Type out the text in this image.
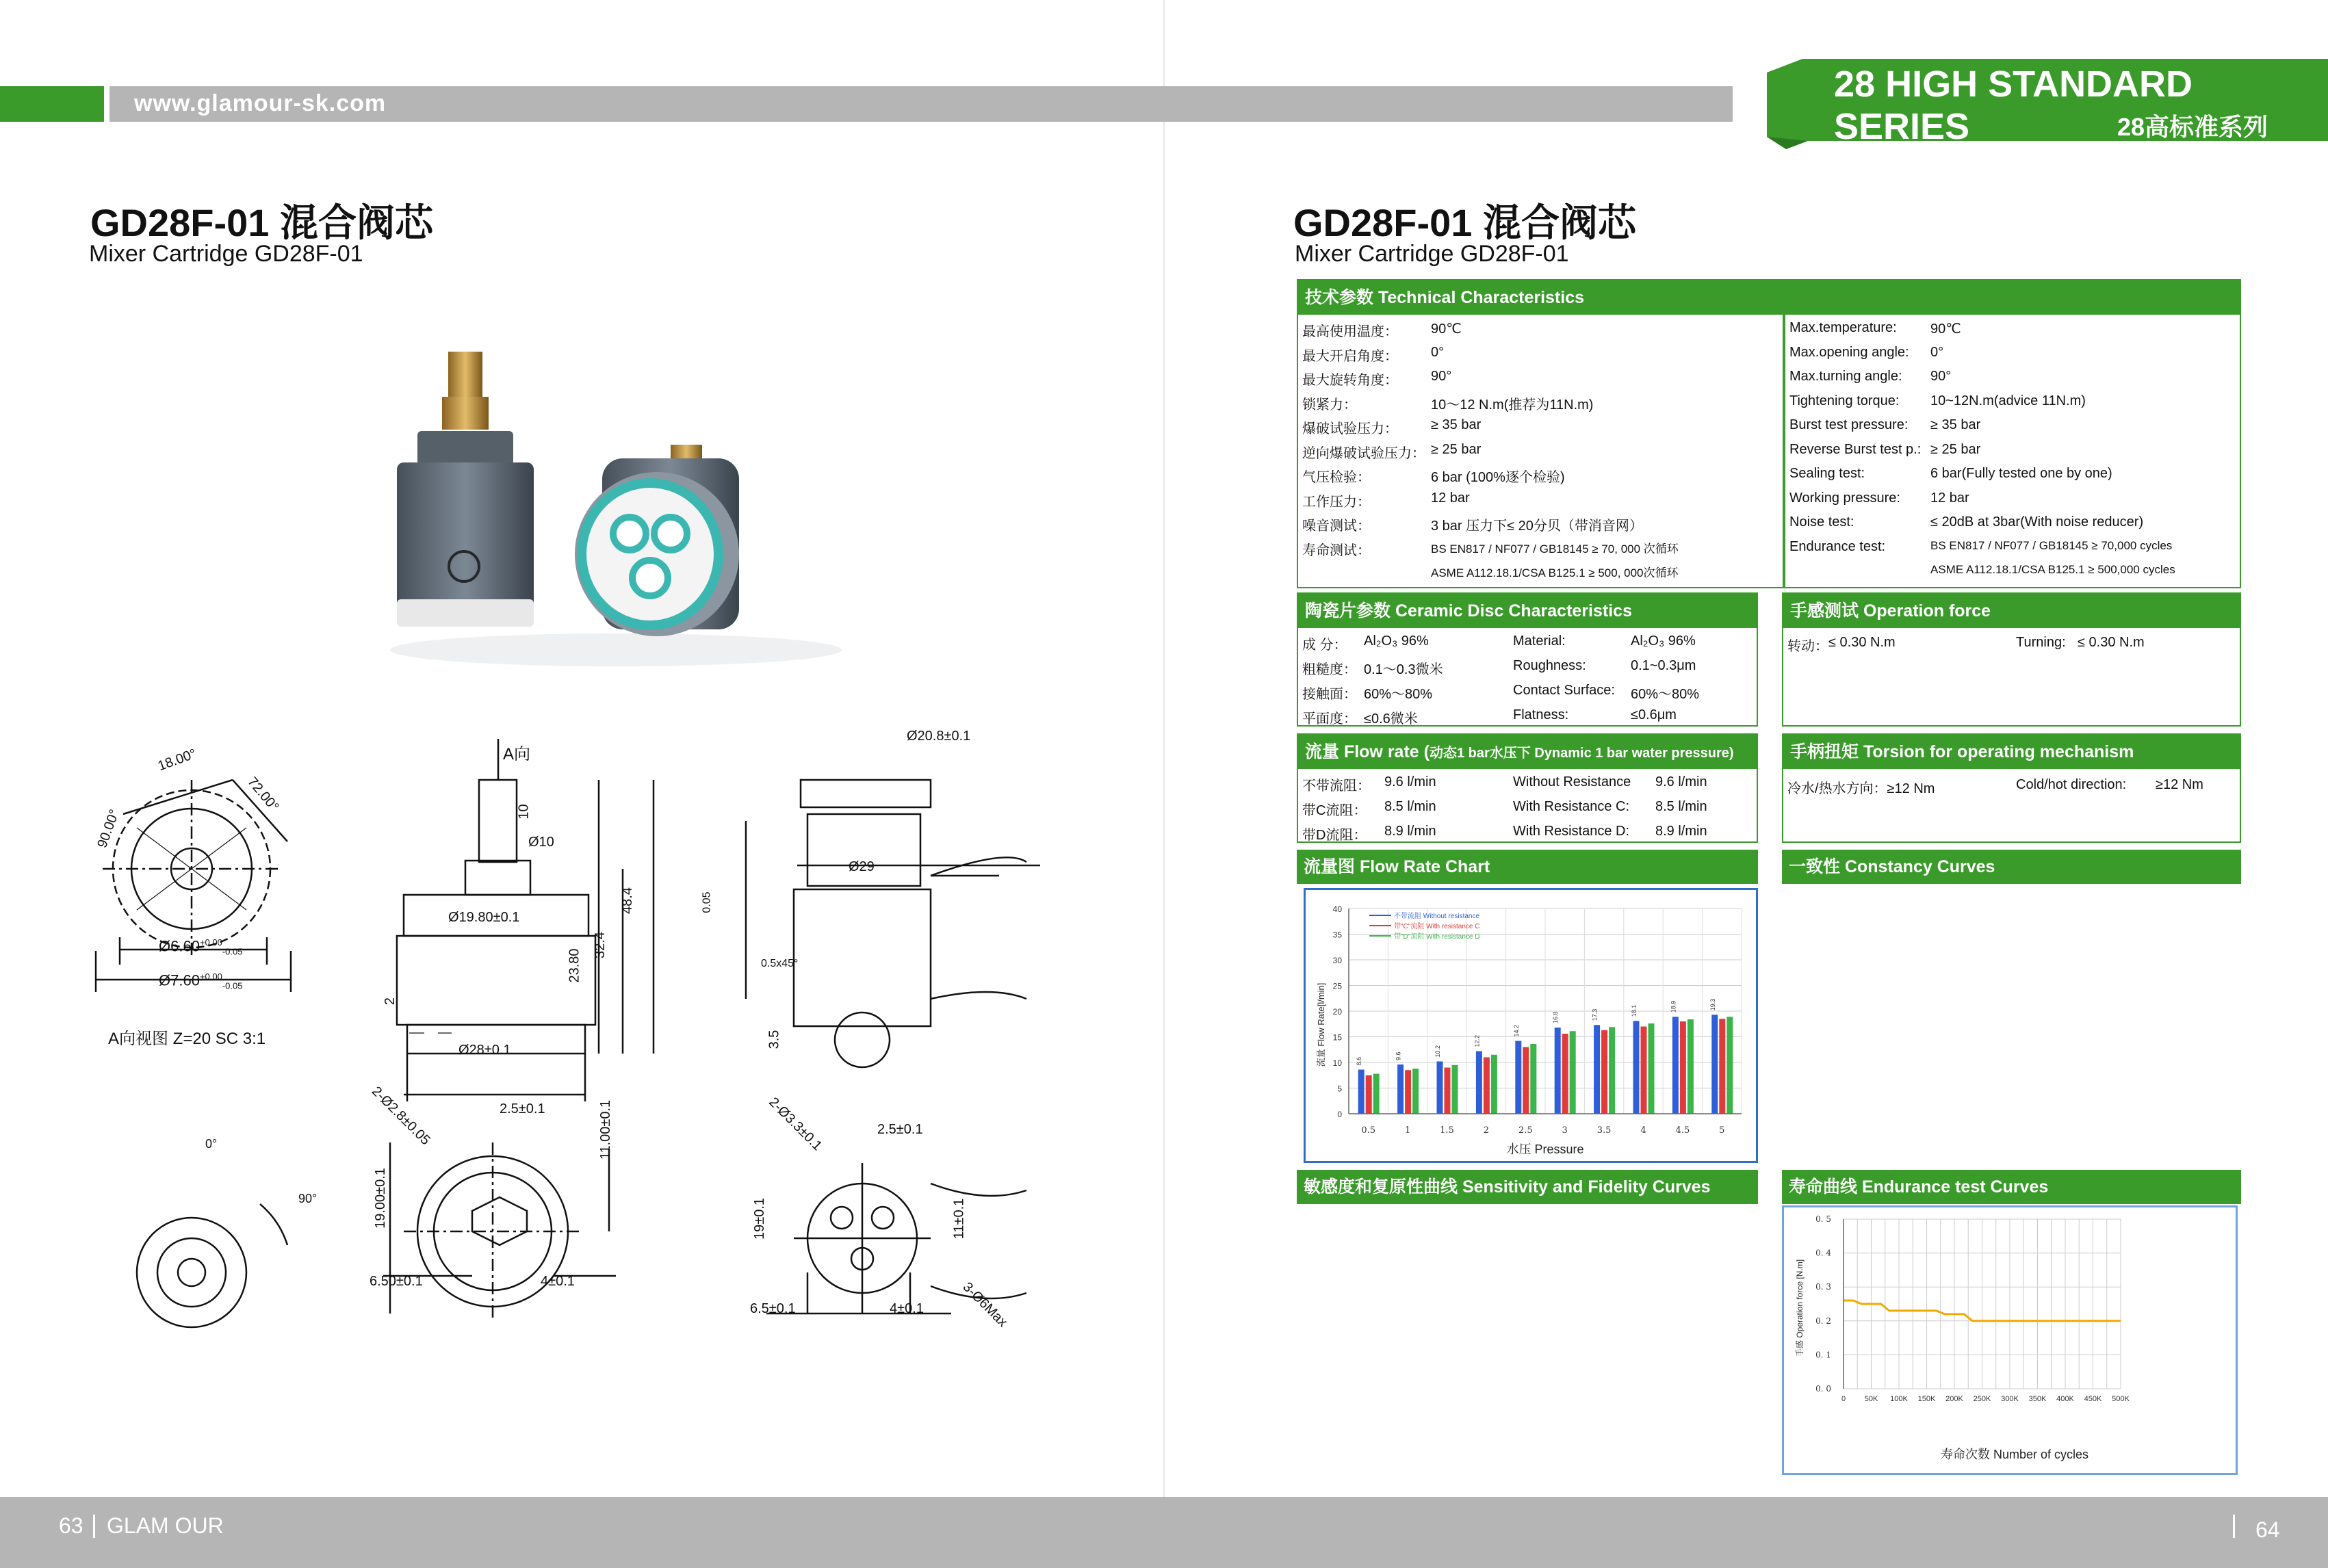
www.glamour-sk.com	28 HIGH STANDARD SERIES	28高标准系列
GD28F-01 混合阀芯
Mixer Cartridge GD28F-01
A向
18.00°
72.00°
90.00°
$Ø6.60^{+0.00}_{-0.05}$
$Ø7.60^{+0.00}_{-0.05}$
A向视图 Z=20 SC 3:1
10
Ø10
Ø19.80±0.1
23.80
32.4
48.4
2
Ø28±0.1
Ø20.8±0.1
Ø29
0.05
0.5x45°
3.5
0°
90°
2-Ø2.8±0.05	2.5±0.1	11.00±0.1
19.00±0.1
6.50±0.1	4±0.1
2-Ø3.3±0.1	2.5±0.1
11±0.1
19±0.1
6.5±0.1	4±0.1	3-Ø6Max
GD28F-01 混合阀芯
Mixer Cartridge GD28F-01
技术参数 Technical Characteristics
最高使用温度： 90℃
最大开启角度： 0°
最大旋转角度： 90°
锁紧力：	10～12 N.m(推荐为11N.m)
爆破试验压力： ≥ 35 bar
逆向爆破试验压力： ≥ 25 bar
气压检验：	6 bar (100%逐个检验)
工作压力：	12 bar
噪音测试：	3 bar 压力下≤ 20分贝（带消音网）
寿命测试：	BS EN817 / NF077 / GB18145 ≥ 70, 000 次循环
ASME A112.18.1/CSA B125.1 ≥ 500, 000次循环
Max.temperature: 90℃
Max.opening angle: 0°
Max.turning angle: 90°
Tightening torque: 10~12N.m(advice 11N.m)
Burst test pressure: ≥ 35 bar
Reverse Burst test p.: ≥ 25 bar
Sealing test:	6 bar(Fully tested one by one)
Working pressure: 12 bar
Noise test:	≤ 20dB at 3bar(With noise reducer)
Endurance test:	BS EN817 / NF077 / GB18145 ≥ 70,000 cycles
ASME A112.18.1/CSA B125.1 ≥ 500,000 cycles
陶瓷片参数 Ceramic Disc Characteristics
成 分： Al₂O₃ 96%	Material:	Al₂O₃ 96%
粗糙度： 0.1～0.3微米	Roughness:	0.1~0.3μm
接触面： 60%～80%	Contact Surface: 60%～80%
平面度： ≤0.6微米	Flatness:	≤0.6μm
手感测试 Operation force
转动： ≤ 0.30 N.m	Turning: ≤ 0.30 N.m
流量 Flow rate (动态1 bar水压下 Dynamic 1 bar water pressure)
不带流阻： 9.6 l/min	Without Resistance 9.6 l/min
带C流阻： 8.5 l/min	With Resistance C: 8.5 l/min
带D流阻： 8.9 l/min	With Resistance D: 8.9 l/min
手柄扭矩 Torsion for operating mechanism
冷水/热水方向：≥12 Nm	Cold/hot direction: ≥12 Nm
流量图 Flow Rate Chart	一致性 Constancy Curves
0
5
10
15
20
25
30
35
40
0.5
8.6
1
9.6
1.5
10.2
2
12.2
2.5
14.2
3
16.8
3.5
17.3
4
18.1
4.5
18.9
5
19.3
流量 Flow Rate[l/min]
水压 Pressure
不带流阻 Without resistance
带"C"流阻 With resistance C
带"D"流阻 With resistance D
敏感度和复原性曲线 Sensitivity and Fidelity Curves	寿命曲线 Endurance test Curves
0. 0
0. 1
0. 2
0. 3
0. 4
0. 5
0	50K 100K 150K 200K 250K 300K 350K 400K 450K 500K
手感 Operation force [N.m]
寿命次数 Number of cycles
63 GLAM OUR	64
